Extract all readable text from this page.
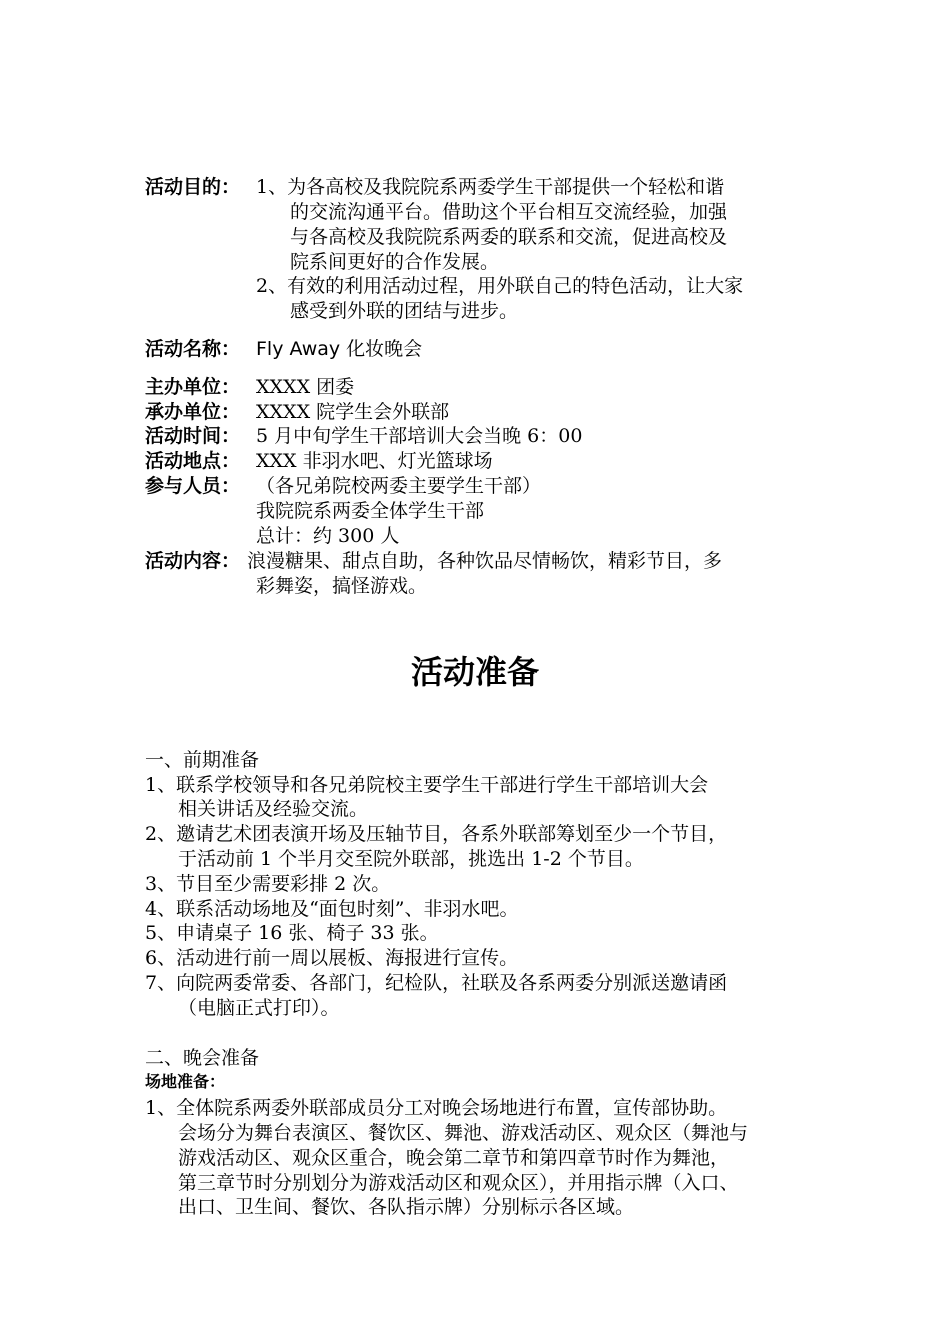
活动目的： 1、为各高校及我院院系两委学生干部提供一个轻松和谐
的交流沟通平台。借助这个平台相互交流经验，加强
与各高校及我院院系两委的联系和交流，促进高校及
院系间更好的合作发展。
2、有效的利用活动过程，用外联自己的特色活动，让大家
感受到外联的团结与进步。
活动名称： Fly Away 化妆晚会
主办单位： XXXX 团委
承办单位： XXXX 院学生会外联部
活动时间： 5 月中旬学生干部培训大会当晚 6：00
活动地点： XXX 非羽水吧、灯光篮球场
参与人员： （各兄弟院校两委主要学生干部）
我院院系两委全体学生干部
总计：约 300 人
活动内容： 浪漫糖果、甜点自助，各种饮品尽情畅饮，精彩节目，多
彩舞姿，搞怪游戏。
活动准备
一、前期准备
1、联系学校领导和各兄弟院校主要学生干部进行学生干部培训大会
相关讲话及经验交流。
2、邀请艺术团表演开场及压轴节目，各系外联部筹划至少一个节目，
于活动前 1 个半月交至院外联部，挑选出 1-2 个节目。
3、节目至少需要彩排 2 次。
4、联系活动场地及“面包时刻”、非羽水吧。
5、申请桌子 16 张、椅子 33 张。
6、活动进行前一周以展板、海报进行宣传。
7、向院两委常委、各部门，纪检队，社联及各系两委分别派送邀请函
（电脑正式打印）。
二、晚会准备
场地准备：
1、全体院系两委外联部成员分工对晚会场地进行布置，宣传部协助。
会场分为舞台表演区、餐饮区、舞池、游戏活动区、观众区（舞池与
游戏活动区、观众区重合，晚会第二章节和第四章节时作为舞池，
第三章节时分别划分为游戏活动区和观众区），并用指示牌（入口、
出口、卫生间、餐饮、各队指示牌）分别标示各区域。
